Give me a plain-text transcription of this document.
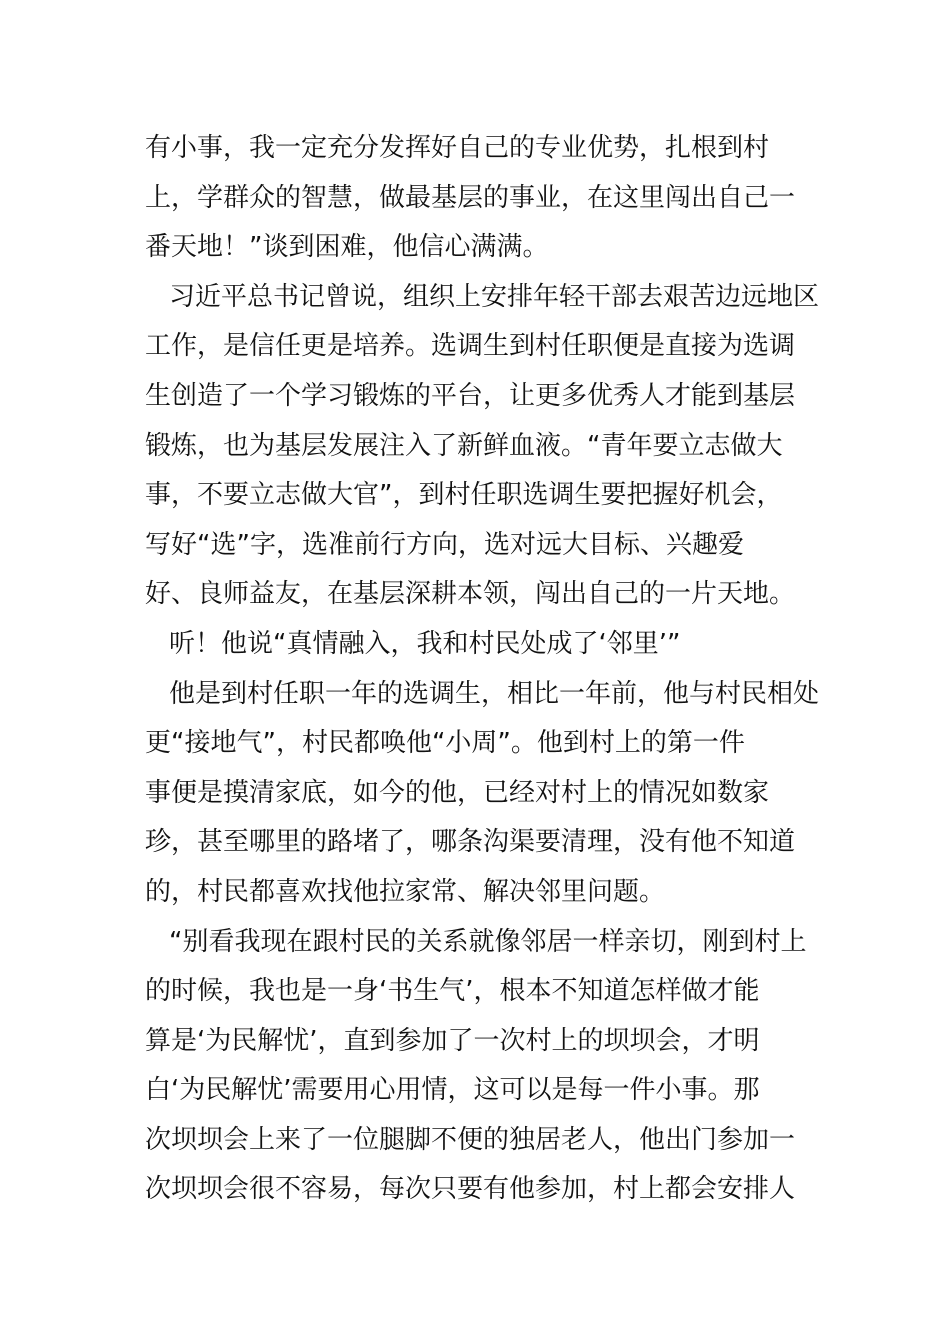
有小事，我一定充分发挥好自己的专业优势，扎根到村
上，学群众的智慧，做最基层的事业，在这里闯出自己一
番天地！”谈到困难，他信心满满。
习近平总书记曾说，组织上安排年轻干部去艰苦边远地区
工作，是信任更是培养。选调生到村任职便是直接为选调
生创造了一个学习锻炼的平台，让更多优秀人才能到基层
锻炼，也为基层发展注入了新鲜血液。“青年要立志做大
事，不要立志做大官”，到村任职选调生要把握好机会，
写好“选”字，选准前行方向，选对远大目标、兴趣爱
好、良师益友，在基层深耕本领，闯出自己的一片天地。
听！他说“真情融入，我和村民处成了‘邻里’”
他是到村任职一年的选调生，相比一年前，他与村民相处
更“接地气”，村民都唤他“小周”。他到村上的第一件
事便是摸清家底，如今的他，已经对村上的情况如数家
珍，甚至哪里的路堵了，哪条沟渠要清理，没有他不知道
的，村民都喜欢找他拉家常、解决邻里问题。
“别看我现在跟村民的关系就像邻居一样亲切，刚到村上
的时候，我也是一身‘书生气’，根本不知道怎样做才能
算是‘为民解忧’，直到参加了一次村上的坝坝会，才明
白‘为民解忧’需要用心用情，这可以是每一件小事。那
次坝坝会上来了一位腿脚不便的独居老人，他出门参加一
次坝坝会很不容易，每次只要有他参加，村上都会安排人
